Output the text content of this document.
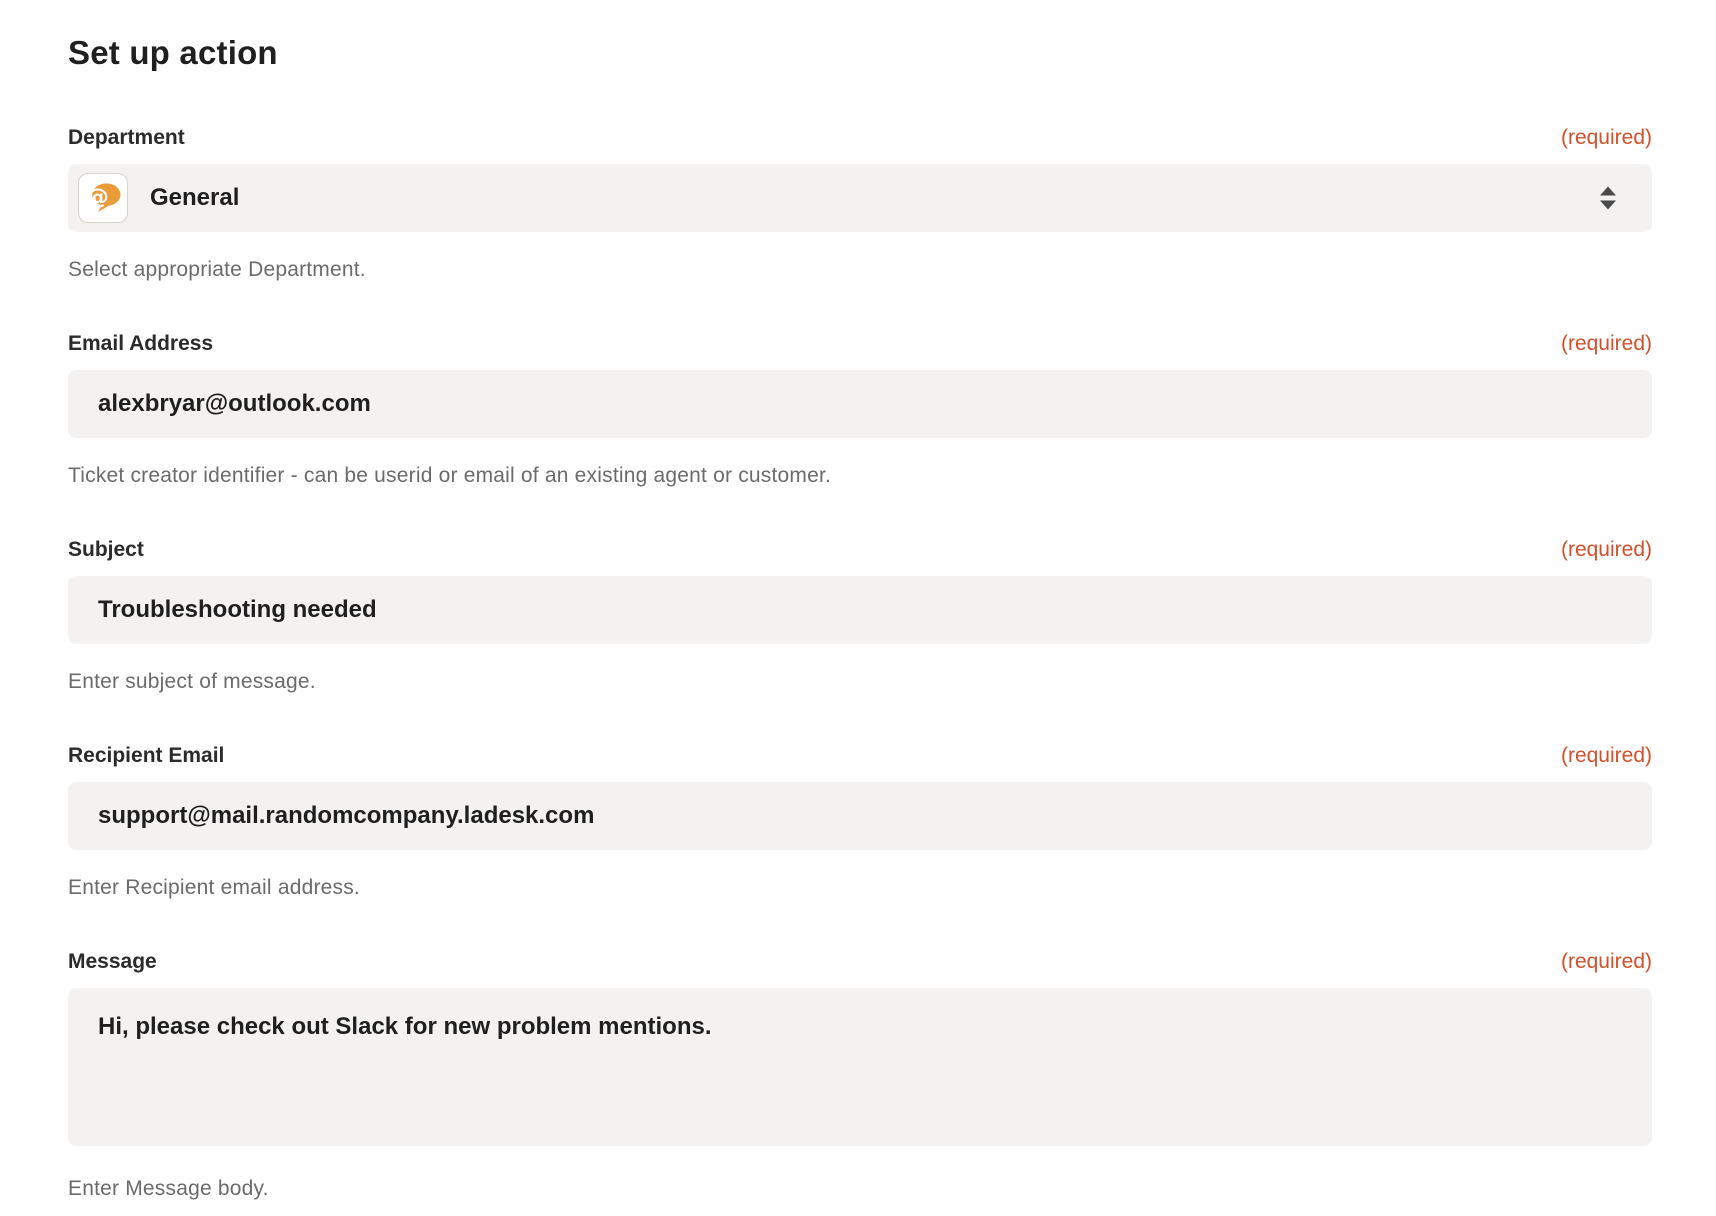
Set up action
Department	(required)
@ General

Select appropriate Department.

Email Address	(required)
alexbryar@outlook.com

Ticket creator identifier - can be userid or email of an existing agent or customer.

Subject	(required)
Troubleshooting needed

Enter subject of message.

Recipient Email	(required)
support@mail.randomcompany.ladesk.com

Enter Recipient email address.

Message	(required)
Hi, please check out Slack for new problem mentions.

Enter Message body.
